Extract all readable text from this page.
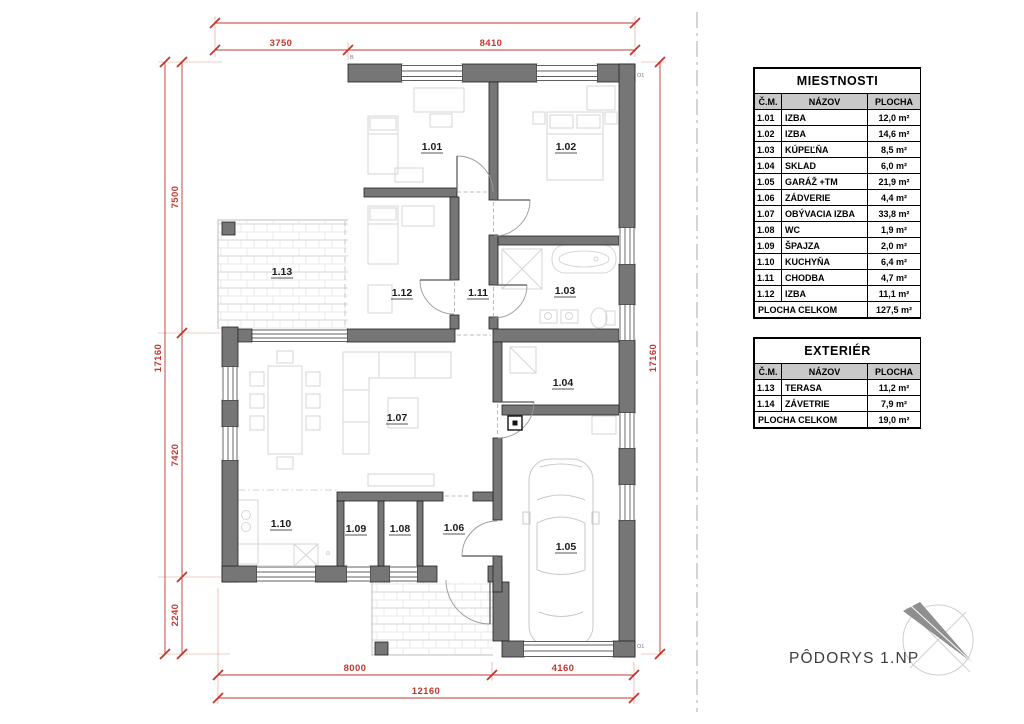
1.01	1.02
1.12	1.11	1.03
1.13
1.07
1.04
1.10	1.09 1.08	1.06
1.05
B
O1
O1
3750	8410
17160
7500
7420
2240
17160
8000	4160
12160
MIESTNOSTI		
Č.M.	NÁZOV	PLOCHA
1.01	IZBA	12,0 m²
1.02	IZBA	14,6 m²
1.03	KÚPEĽŇA	8,5 m²
1.04	SKLAD	6,0 m²
1.05	GARÁŽ +TM	21,9 m²
1.06	ZÁDVERIE	4,4 m²
1.07	OBÝVACIA IZBA	33,8 m²
1.08	WC	1,9 m²
1.09	ŠPAJZA	2,0 m²
1.10	KUCHYŇA	6,4 m²
1.11	CHODBA	4,7 m²
1.12	IZBA	11,1 m²
PLOCHA CELKOM		127,5 m²
EXTERIÉR		
Č.M.	NÁZOV	PLOCHA
1.13	TERASA	11,2 m²
1.14	ZÁVETRIE	7,9 m²
PLOCHA CELKOM		19,0 m²
PÔDORYS 1.NP
